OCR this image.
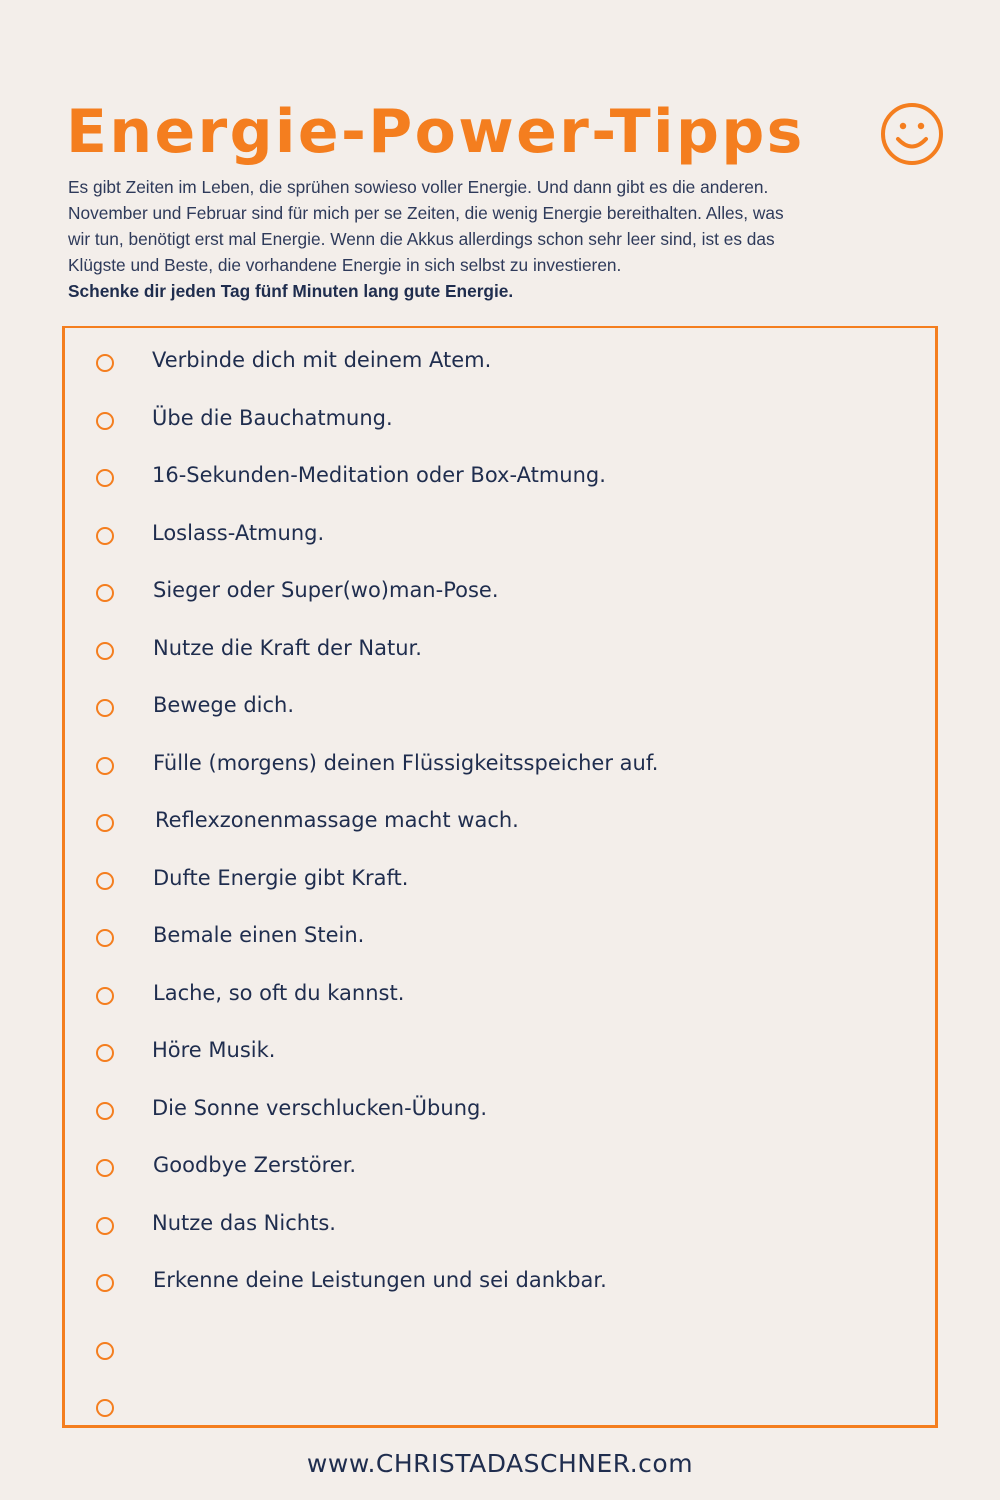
Energie-Power-Tipps

Es gibt Zeiten im Leben, die sprühen sowieso voller Energie. Und dann gibt es die anderen.

November und Februar sind für mich per se Zeiten, die wenig Energie bereithalten. Alles, was

wir tun, benötigt erst mal Energie. Wenn die Akkus allerdings schon sehr leer sind, ist es das

Klügste und Beste, die vorhandene Energie in sich selbst zu investieren.

Schenke dir jeden Tag fünf Minuten lang gute Energie.

Verbinde dich mit deinem Atem.
Übe die Bauchatmung.
16-Sekunden-Meditation oder Box-Atmung.
Loslass-Atmung.
Sieger oder Super(wo)man-Pose.
Nutze die Kraft der Natur.
Bewege dich.
Fülle (morgens) deinen Flüssigkeitsspeicher auf.
Reflexzonenmassage macht wach.
Dufte Energie gibt Kraft.
Bemale einen Stein.
Lache, so oft du kannst.
Höre Musik.
Die Sonne verschlucken-Übung.
Goodbye Zerstörer.
Nutze das Nichts.
Erkenne deine Leistungen und sei dankbar.
www.CHRISTADASCHNER.com
